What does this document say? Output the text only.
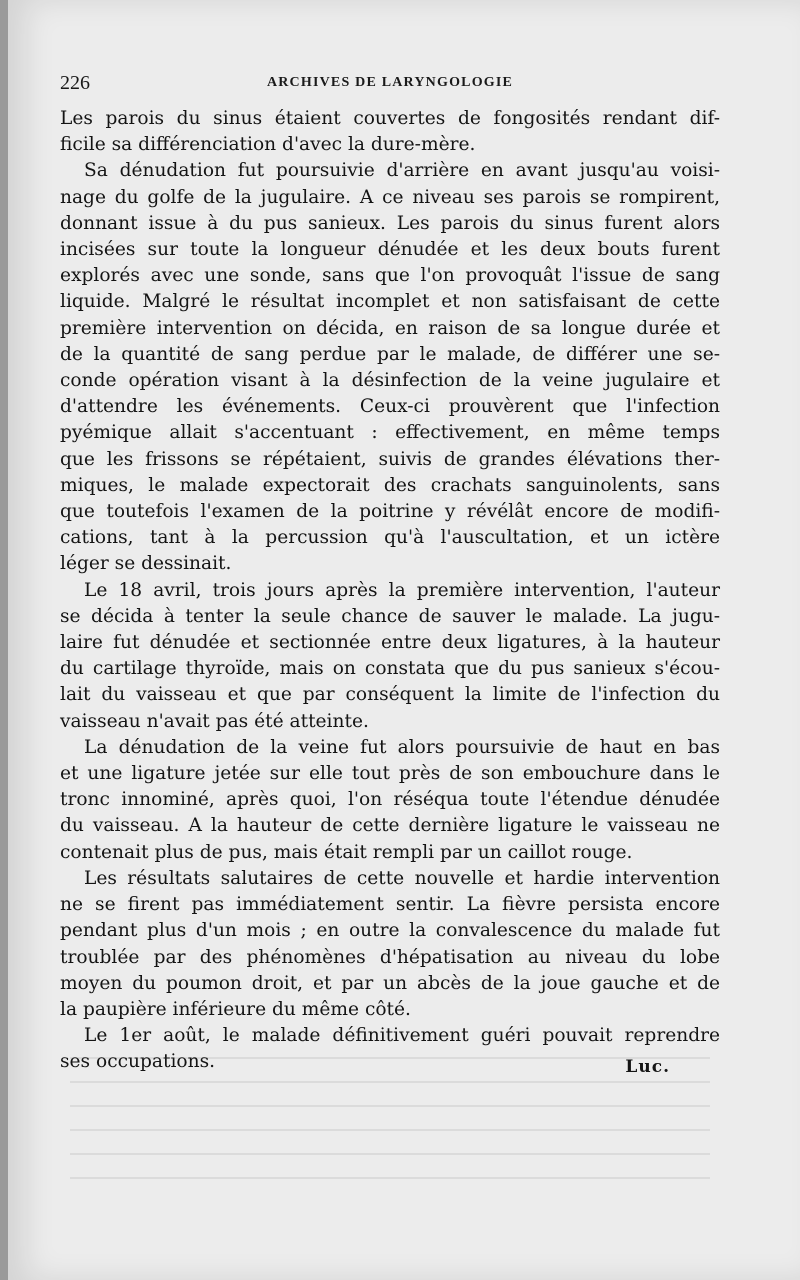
226	ARCHIVES DE LARYNGOLOGIE
Les parois du sinus étaient couvertes de fongosités rendant dif-
ficile sa différenciation d'avec la dure-mère.
Sa dénudation fut poursuivie d'arrière en avant jusqu'au voisi-
nage du golfe de la jugulaire. A ce niveau ses parois se rompirent,
donnant issue à du pus sanieux. Les parois du sinus furent alors
incisées sur toute la longueur dénudée et les deux bouts furent
explorés avec une sonde, sans que l'on provoquât l'issue de sang
liquide. Malgré le résultat incomplet et non satisfaisant de cette
première intervention on décida, en raison de sa longue durée et
de la quantité de sang perdue par le malade, de différer une se-
conde opération visant à la désinfection de la veine jugulaire et
d'attendre les événements. Ceux-ci prouvèrent que l'infection
pyémique allait s'accentuant : effectivement, en même temps
que les frissons se répétaient, suivis de grandes élévations ther-
miques, le malade expectorait des crachats sanguinolents, sans
que toutefois l'examen de la poitrine y révélât encore de modifi-
cations, tant à la percussion qu'à l'auscultation, et un ictère
léger se dessinait.
Le 18 avril, trois jours après la première intervention, l'auteur
se décida à tenter la seule chance de sauver le malade. La jugu-
laire fut dénudée et sectionnée entre deux ligatures, à la hauteur
du cartilage thyroïde, mais on constata que du pus sanieux s'écou-
lait du vaisseau et que par conséquent la limite de l'infection du
vaisseau n'avait pas été atteinte.
La dénudation de la veine fut alors poursuivie de haut en bas
et une ligature jetée sur elle tout près de son embouchure dans le
tronc innominé, après quoi, l'on réséqua toute l'étendue dénudée
du vaisseau. A la hauteur de cette dernière ligature le vaisseau ne
contenait plus de pus, mais était rempli par un caillot rouge.
Les résultats salutaires de cette nouvelle et hardie intervention
ne se firent pas immédiatement sentir. La fièvre persista encore
pendant plus d'un mois ; en outre la convalescence du malade fut
troublée par des phénomènes d'hépatisation au niveau du lobe
moyen du poumon droit, et par un abcès de la joue gauche et de
la paupière inférieure du même côté.
Le 1er août, le malade définitivement guéri pouvait reprendre
ses occupations.	Luc.
